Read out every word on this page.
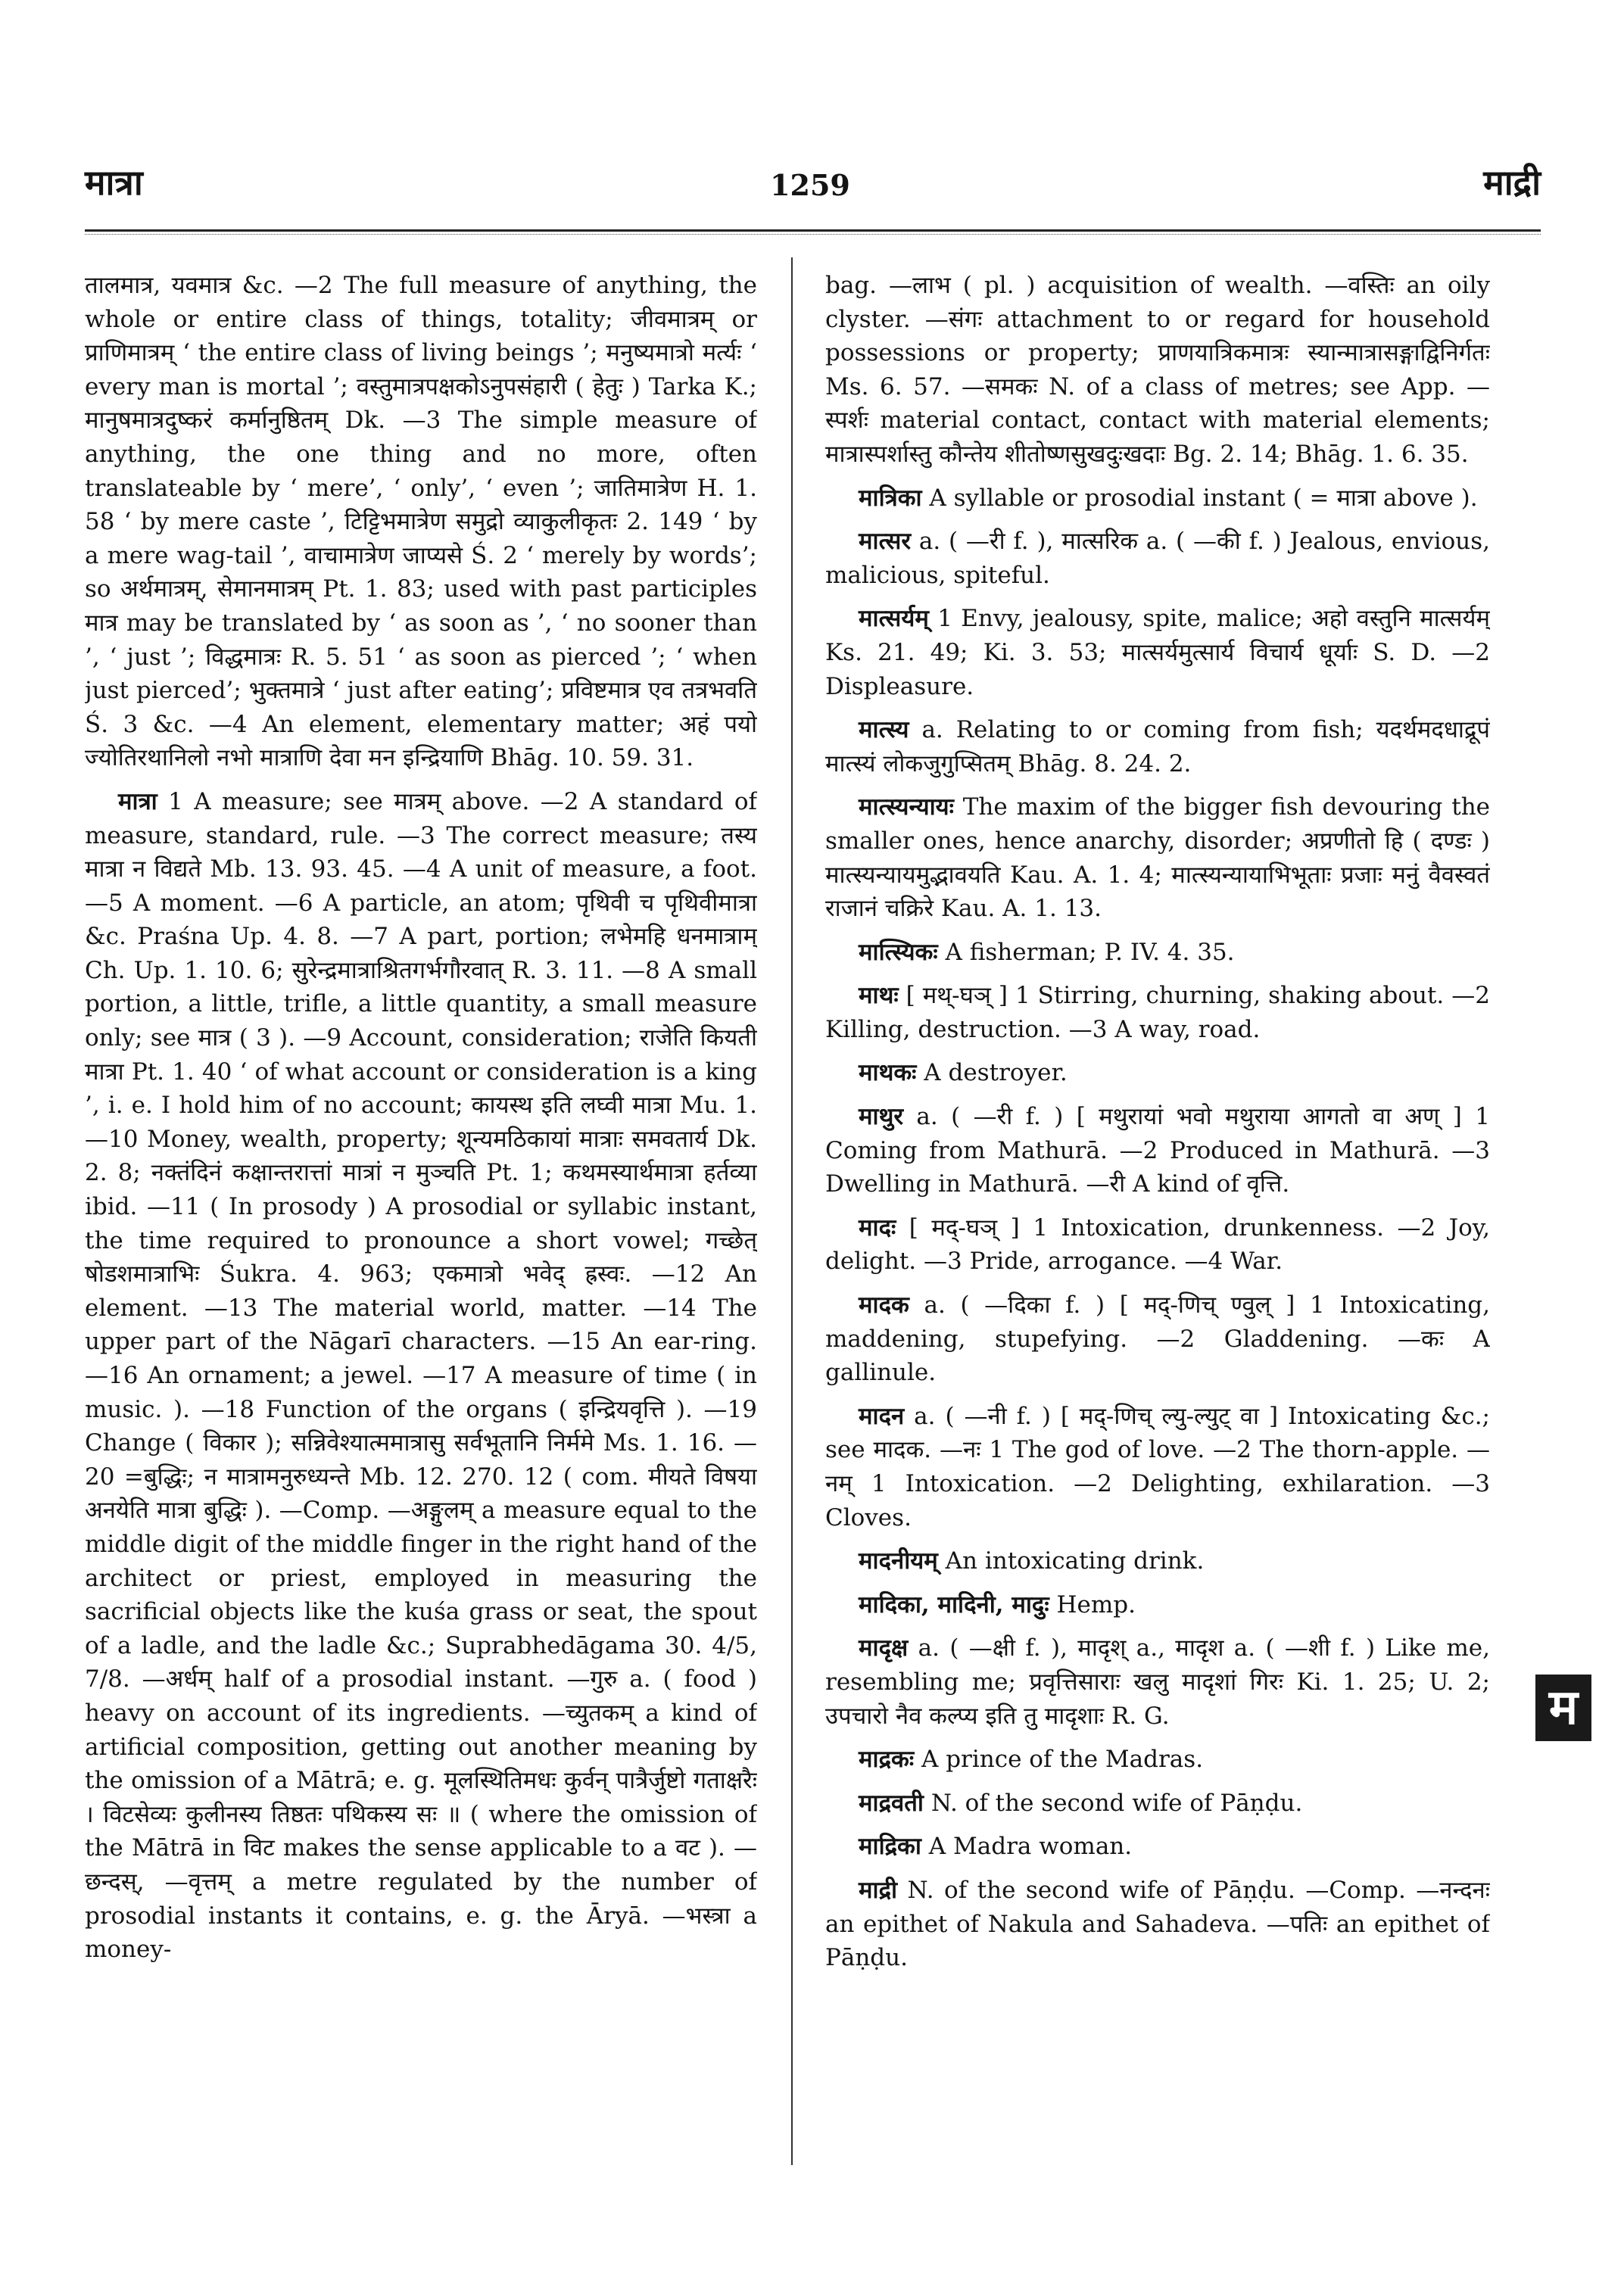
मात्रा	1259	माद्री

तालमात्र, यवमात्र &c. —2 The full measure of anything, the whole or entire class of things, totality; जीवमात्रम् or प्राणिमात्रम् ‘ the entire class of living beings ’; मनुष्यमात्रो मर्त्यः ‘ every man is mortal ’; वस्तुमात्रपक्षकोऽनुपसंहारी ( हेतुः ) Tarka K.; मानुषमात्रदुष्करं कर्मानुष्ठितम् Dk. —3 The simple measure of anything, the one thing and no more, often translateable by ‘ mere’, ‘ only’, ‘ even ’; जातिमात्रेण H. 1. 58 ‘ by mere caste ’, टिट्टिभमात्रेण समुद्रो व्याकुलीकृतः 2. 149 ‘ by a mere wag-tail ’, वाचामात्रेण जाप्यसे Ś. 2 ‘ merely by words’; so अर्थमात्रम्, सेमानमात्रम् Pt. 1. 83; used with past participles मात्र may be translated by ‘ as soon as ’, ‘ no sooner than ’, ‘ just ’; विद्धमात्रः R. 5. 51 ‘ as soon as pierced ’; ‘ when just pierced’; भुक्तमात्रे ‘ just after eating’; प्रविष्टमात्र एव तत्रभवति Ś. 3 &c. —4 An element, elementary matter; अहं पयो ज्योतिरथानिलो नभो मात्राणि देवा मन इन्द्रियाणि Bhāg. 10. 59. 31.

मात्रा 1 A measure; see मात्रम् above. —2 A standard of measure, standard, rule. —3 The correct measure; तस्य मात्रा न विद्यते Mb. 13. 93. 45. —4 A unit of measure, a foot. —5 A moment. —6 A particle, an atom; पृथिवी च पृथिवीमात्रा &c. Praśna Up. 4. 8. —7 A part, portion; लभेमहि धनमात्राम् Ch. Up. 1. 10. 6; सुरेन्द्रमात्राश्रितगर्भगौरवात् R. 3. 11. —8 A small portion, a little, trifle, a little quantity, a small measure only; see मात्र ( 3 ). —9 Account, consideration; राजेति कियती मात्रा Pt. 1. 40 ‘ of what account or consideration is a king ’, i. e. I hold him of no account; कायस्थ इति लघ्वी मात्रा Mu. 1. —10 Money, wealth, property; शून्यमठिकायां मात्राः समवतार्य Dk. 2. 8; नक्तंदिनं कक्षान्तरात्तां मात्रां न मुञ्चति Pt. 1; कथमस्यार्थमात्रा हर्तव्या ibid. —11 ( In prosody ) A prosodial or syllabic instant, the time required to pronounce a short vowel; गच्छेत् षोडशमात्राभिः Śukra. 4. 963; एकमात्रो भवेद् ह्रस्वः. —12 An element. —13 The material world, matter. —14 The upper part of the Nāgarī characters. —15 An ear-ring. —16 An ornament; a jewel. —17 A measure of time ( in music. ). —18 Function of the organs ( इन्द्रियवृत्ति ). —19 Change ( विकार ); सन्निवेश्यात्ममात्रासु सर्वभूतानि निर्ममे Ms. 1. 16. —20 =बुद्धिः; न मात्रामनुरुध्यन्ते Mb. 12. 270. 12 ( com. मीयते विषया अनयेति मात्रा बुद्धिः ). —Comp. —अङ्गुलम् a measure equal to the middle digit of the middle finger in the right hand of the architect or priest, employed in measuring the sacrificial objects like the kuśa grass or seat, the spout of a ladle, and the ladle &c.; Suprabhedāgama 30. 4/5, 7/8. —अर्धम् half of a prosodial instant. —गुरु a. ( food ) heavy on account of its ingredients. —च्युतकम् a kind of artificial composition, getting out another meaning by the omission of a Mātrā; e. g. मूलस्थितिमधः कुर्वन् पात्रैर्जुष्टो गताक्षरैः । विटसेव्यः कुलीनस्य तिष्ठतः पथिकस्य सः ॥ ( where the omission of the Mātrā in विट makes the sense applicable to a वट ). —छन्दस्, —वृत्तम् a metre regulated by the number of prosodial instants it contains, e. g. the Āryā. —भस्त्रा a money-

bag. —लाभ ( pl. ) acquisition of wealth. —वस्तिः an oily clyster. —संगः attachment to or regard for household possessions or property; प्राणयात्रिकमात्रः स्यान्मात्रासङ्गाद्विनिर्गतः Ms. 6. 57. —समकः N. of a class of metres; see App. —स्पर्शः material contact, contact with material elements; मात्रास्पर्शास्तु कौन्तेय शीतोष्णसुखदुःखदाः Bg. 2. 14; Bhāg. 1. 6. 35.

मात्रिका A syllable or prosodial instant ( = मात्रा above ).

मात्सर a. ( —री f. ), मात्सरिक a. ( —की f. ) Jealous, envious, malicious, spiteful.

मात्सर्यम् 1 Envy, jealousy, spite, malice; अहो वस्तुनि मात्सर्यम् Ks. 21. 49; Ki. 3. 53; मात्सर्यमुत्सार्य विचार्य धूर्याः S. D. —2 Displeasure.

मात्स्य a. Relating to or coming from fish; यदर्थमदधाद्रूपं मात्स्यं लोकजुगुप्सितम् Bhāg. 8. 24. 2.

मात्स्यन्यायः The maxim of the bigger fish devouring the smaller ones, hence anarchy, disorder; अप्रणीतो हि ( दण्डः ) मात्स्यन्यायमुद्भावयति Kau. A. 1. 4; मात्स्यन्यायाभिभूताः प्रजाः मनुं वैवस्वतं राजानं चक्रिरे Kau. A. 1. 13.

मात्स्यिकः A fisherman; P. IV. 4. 35.

माथः [ मथ्-घञ् ] 1 Stirring, churning, shaking about. —2 Killing, destruction. —3 A way, road.

माथकः A destroyer.

माथुर a. ( —री f. ) [ मथुरायां भवो मथुराया आगतो वा अण् ] 1 Coming from Mathurā. —2 Produced in Mathurā. —3 Dwelling in Mathurā. —री A kind of वृत्ति.

मादः [ मद्-घञ् ] 1 Intoxication, drunkenness. —2 Joy, delight. —3 Pride, arrogance. —4 War.

मादक a. ( —दिका f. ) [ मद्-णिच् ण्वुल् ] 1 Intoxicating, maddening, stupefying. —2 Gladdening. —कः A gallinule.

मादन a. ( —नी f. ) [ मद्-णिच् ल्यु-ल्युट् वा ] Intoxicating &c.; see मादक. —नः 1 The god of love. —2 The thorn-apple. —नम् 1 Intoxication. —2 Delighting, exhilaration. —3 Cloves.

मादनीयम् An intoxicating drink.

मादिका, मादिनी, मादुः Hemp.

मादृक्ष a. ( —क्षी f. ), मादृश् a., मादृश a. ( —शी f. ) Like me, resembling me; प्रवृत्तिसाराः खलु मादृशां गिरः Ki. 1. 25; U. 2; उपचारो नैव कल्प्य इति तु मादृशाः R. G.

माद्रकः A prince of the Madras.

माद्रवती N. of the second wife of Pāṇḍu.

माद्रिका A Madra woman.

माद्री N. of the second wife of Pāṇḍu. —Comp. —नन्दनः an epithet of Nakula and Sahadeva. —पतिः an epithet of Pāṇḍu.

म
